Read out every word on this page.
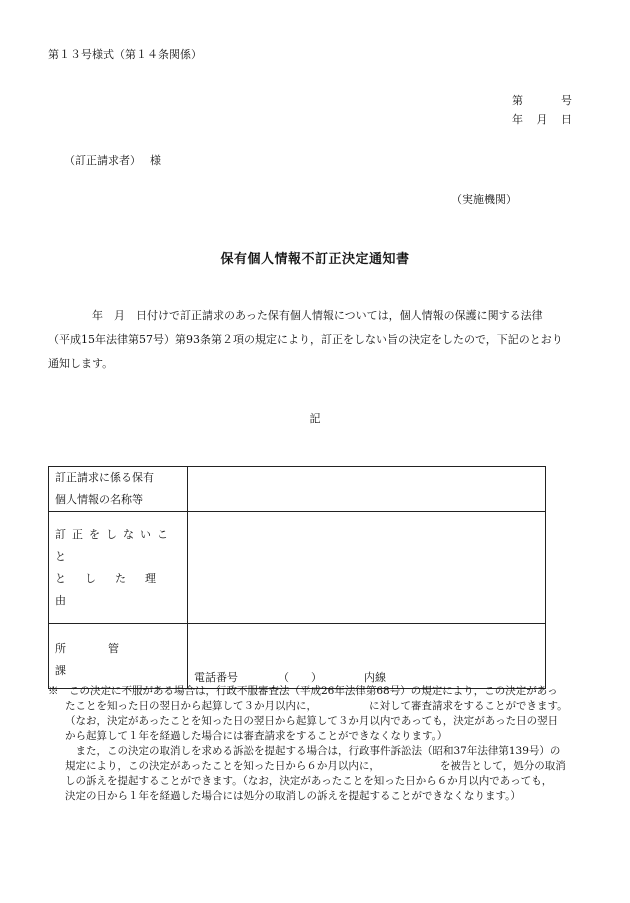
第１３号様式（第１４条関係）
第	号
年 月 日
（訂正請求者）　 様
（実施機関）
保有個人情報不訂正決定通知書

　　　　年　月　日付けで訂正請求のあった保有個人情報については，個人情報の保護に関する法律

（平成15年法律第57号）第93条第２項の規定により，訂正をしない旨の決定をしたので，下記のとおり

通知します。

記
訂正請求に係る保有
個人情報の名称等	

訂正をしないこと
とした理由	

所管課	電話番号 （　　） 内線

※　 この決定に不服がある場合は，行政不服審査法（平成26年法律第68号）の規定により，この決定があっ

たことを知った日の翌日から起算して３か月以内に，	に対して審査請求をすることができます。

（なお，決定があったことを知った日の翌日から起算して３か月以内であっても，決定があった日の翌日

から起算して１年を経過した場合には審査請求をすることができなくなります。）

　また，この決定の取消しを求める訴訟を提起する場合は，行政事件訴訟法（昭和37年法律第139号）の

規定により，この決定があったことを知った日から６か月以内に，	を被告として，処分の取消

しの訴えを提起することができます。（なお，決定があったことを知った日から６か月以内であっても，

決定の日から１年を経過した場合には処分の取消しの訴えを提起することができなくなります。）
